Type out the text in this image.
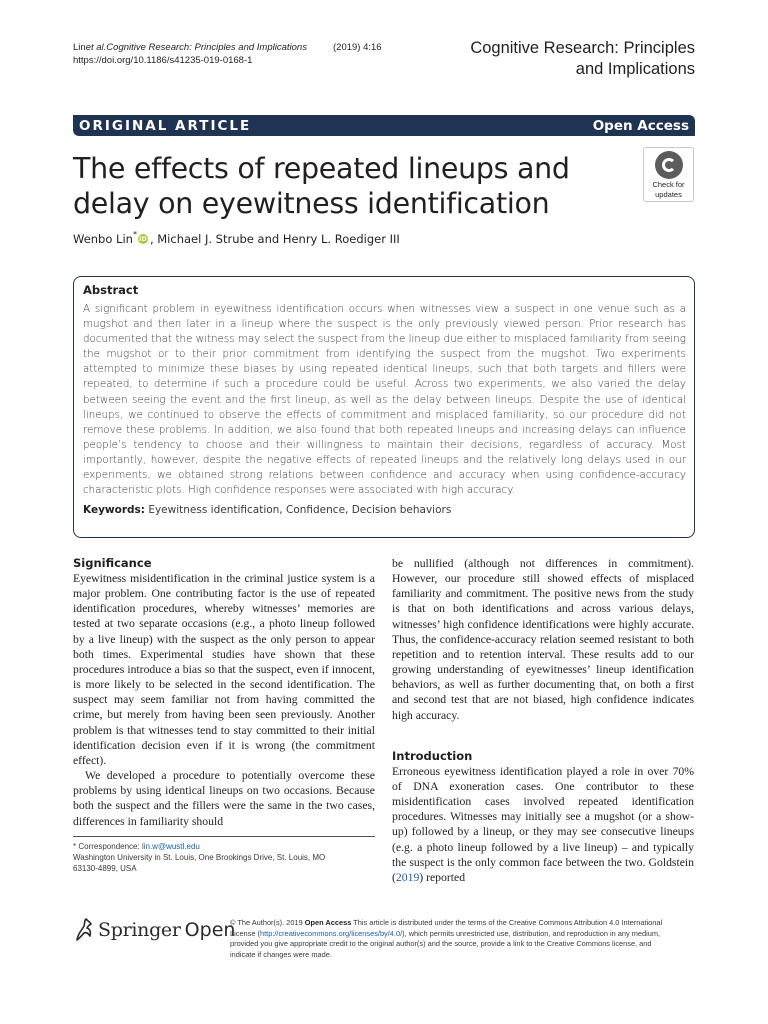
Lin et al. Cognitive Research: Principles and Implications	(2019) 4:16
https://doi.org/10.1186/s41235-019-0168-1
Cognitive Research: Principles
and Implications
ORIGINAL ARTICLE	Open Access
The effects of repeated lineups and delay on eyewitness identification
Check for
updates
Wenbo Lin *
iD , Michael J. Strube and Henry L. Roediger III
Abstract

A significant problem in eyewitness identification occurs when witnesses view a suspect in one venue such as a mugshot and then later in a lineup where the suspect is the only previously viewed person. Prior research has documented that the witness may select the suspect from the lineup due either to misplaced familiarity from seeing the mugshot or to their prior commitment from identifying the suspect from the mugshot. Two experiments attempted to minimize these biases by using repeated identical lineups, such that both targets and fillers were repeated, to determine if such a procedure could be useful. Across two experiments, we also varied the delay between seeing the event and the first lineup, as well as the delay between lineups. Despite the use of identical lineups, we continued to observe the effects of commitment and misplaced familiarity, so our procedure did not remove these problems. In addition, we also found that both repeated lineups and increasing delays can influence people’s tendency to choose and their willingness to maintain their decisions, regardless of accuracy. Most importantly, however, despite the negative effects of repeated lineups and the relatively long delays used in our experiments, we obtained strong relations between confidence and accuracy when using confidence-accuracy characteristic plots. High confidence responses were associated with high accuracy.

Keywords: Eyewitness identification, Confidence, Decision behaviors
Significance

Eyewitness misidentification in the criminal justice system is a major problem. One contributing factor is the use of repeated identification procedures, whereby witnesses’ memories are tested at two separate occasions (e.g., a photo lineup followed by a live lineup) with the suspect as the only person to appear both times. Experimental studies have shown that these procedures introduce a bias so that the suspect, even if innocent, is more likely to be selected in the second identification. The suspect may seem familiar not from having committed the crime, but merely from having been seen previously. Another problem is that witnesses tend to stay committed to their initial identification decision even if it is wrong (the commitment effect).

We developed a procedure to potentially overcome these problems by using identical lineups on two occasions. Because both the suspect and the fillers were the same in the two cases, differences in familiarity should

be nullified (although not differences in commitment). However, our procedure still showed effects of misplaced familiarity and commitment. The positive news from the study is that on both identifications and across various delays, witnesses’ high confidence identifications were highly accurate. Thus, the confidence-accuracy relation seemed resistant to both repetition and to retention interval. These results add to our growing understanding of eyewitnesses’ lineup identification behaviors, as well as further documenting that, on both a first and second test that are not biased, high confidence indicates high accuracy.

Introduction

Erroneous eyewitness identification played a role in over 70% of DNA exoneration cases. One contributor to these misidentification cases involved repeated identification procedures. Witnesses may initially see a mugshot (or a show-up) followed by a lineup, or they may see consecutive lineups (e.g. a photo lineup followed by a live lineup) – and typically the suspect is the only common face between the two. Goldstein (2019) reported

* Correspondence: lin.w@wustl.edu
Washington University in St. Louis, One Brookings Drive, St. Louis, MO
63130-4899, USA
Springer Open
© The Author(s). 2019 Open Access This article is distributed under the terms of the Creative Commons Attribution 4.0 International License (http://creativecommons.org/licenses/by/4.0/), which permits unrestricted use, distribution, and reproduction in any medium, provided you give appropriate credit to the original author(s) and the source, provide a link to the Creative Commons license, and indicate if changes were made.
